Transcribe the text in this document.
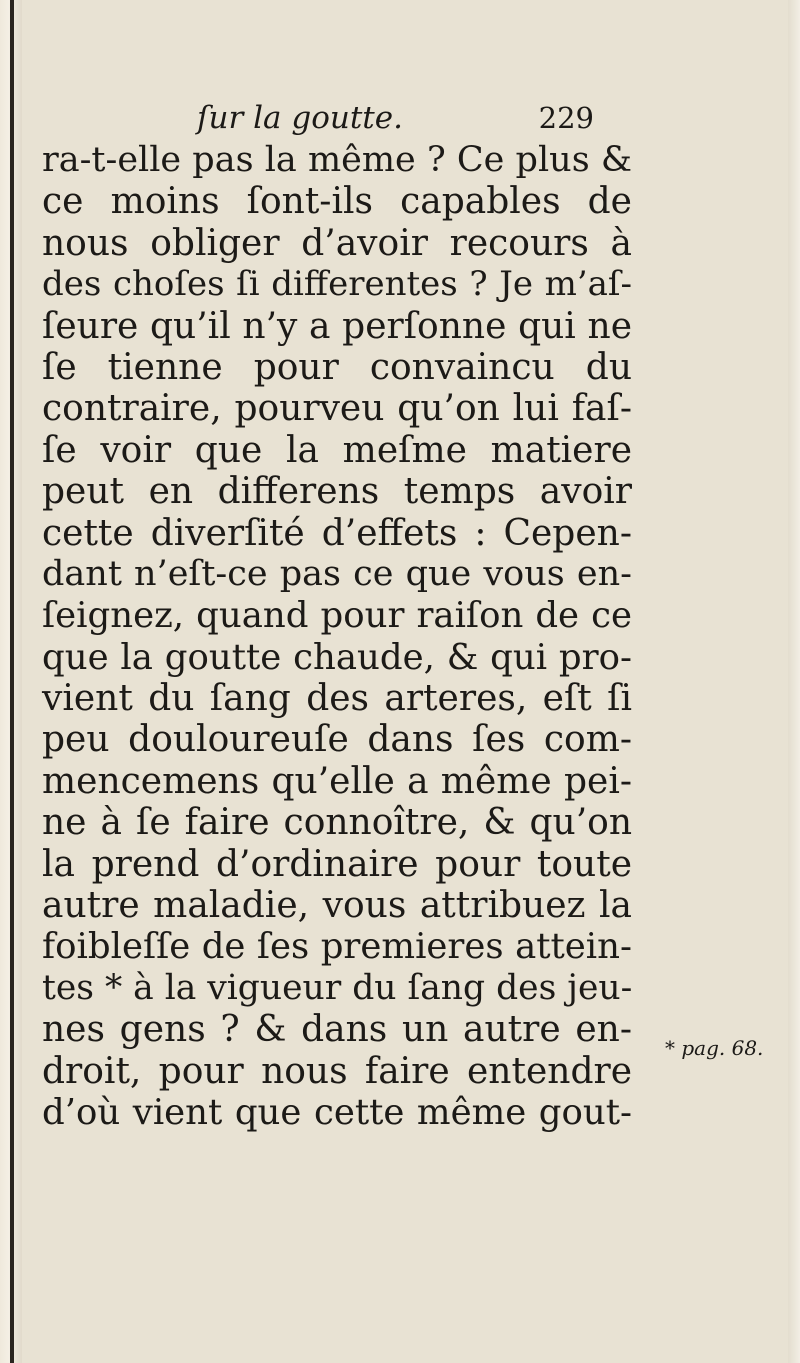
ſur la goutte.	229
ra-t-elle pas la même ? Ce plus &
ce moins ſont-ils capables de
nous obliger d’avoir recours à
des choſes ſi differentes ? Je m’aſ-
ſeure qu’il n’y a perſonne qui ne
ſe tienne pour convaincu du
contraire, pourveu qu’on lui faſ-
ſe voir que la meſme matiere
peut en differens temps avoir
cette diverſité d’effets : Cepen-
dant n’eſt-ce pas ce que vous en-
ſeignez, quand pour raiſon de ce
que la goutte chaude, & qui pro-
vient du ſang des arteres, eſt ſi
peu douloureuſe dans ſes com-
mencemens qu’elle a même pei-
ne à ſe faire connoître, & qu’on
la prend d’ordinaire pour toute
autre maladie, vous attribuez la
foibleſſe de ſes premieres attein-
tes * à la vigueur du ſang des jeu-
nes gens ? & dans un autre en-
droit, pour nous faire entendre
d’où vient que cette même gout-
* pag. 68.
